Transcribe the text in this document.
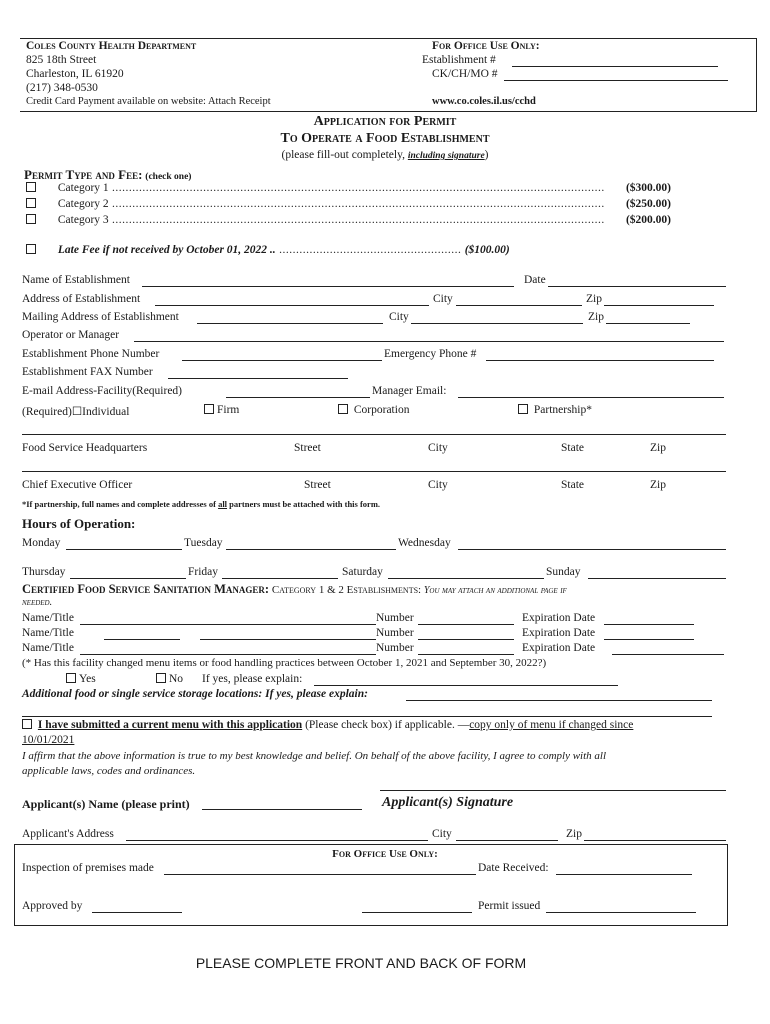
Coles County Health Department
825 18th Street
Charleston, IL 61920
(217) 348-0530
Credit Card Payment available on website: Attach Receipt
For Office Use Only:
Establishment #
CK/CH/MO #
www.co.coles.il.us/cchd
Application for Permit
To Operate a Food Establishment
(please fill-out completely, including signature)
Permit Type and Fee: (check one)
Category 1 .................................................................................................................................................. ($300.00)
Category 2 .................................................................................................................................................. ($250.00)
Category 3 .................................................................................................................................................. ($200.00)
Late Fee if not received by October 01, 2022 .. ...................................................... ($100.00)
Name of Establishment	Date
Address of Establishment	City	Zip
Mailing Address of Establishment	City	Zip
Operator or Manager
Establishment Phone Number	Emergency Phone #
Establishment FAX Number
E-mail Address-Facility(Required)	Manager Email:
(Required)☐Individual	Firm	Corporation	Partnership*
Food Service Headquarters	Street	City	State	Zip
Chief Executive Officer	Street	City	State	Zip
*If partnership, full names and complete addresses of all partners must be attached with this form.
Hours of Operation:
Monday	Tuesday	Wednesday
Thursday	Friday	Saturday	Sunday
Certified Food Service Sanitation Manager: Category 1 & 2 Establishments: You may attach an additional page if
needed.
Name/Title	Number	Expiration Date
Name/Title	Number	Expiration Date
Name/Title	Number	Expiration Date
(* Has this facility changed menu items or food handling practices between October 1, 2021 and September 30, 2022?)
Yes	No If yes, please explain:
Additional food or single service storage locations: If yes, please explain:
I have submitted a current menu with this application (Please check box) if applicable. —copy only of menu if changed since
10/01/2021
I affirm that the above information is true to my best knowledge and belief. On behalf of the above facility, I agree to comply with all
applicable laws, codes and ordinances.
Applicant(s) Name (please print)	Applicant(s) Signature
Applicant's Address	City	Zip
For Office Use Only:
Inspection of premises made	Date Received:
Approved by	Permit issued
PLEASE COMPLETE FRONT AND BACK OF FORM
